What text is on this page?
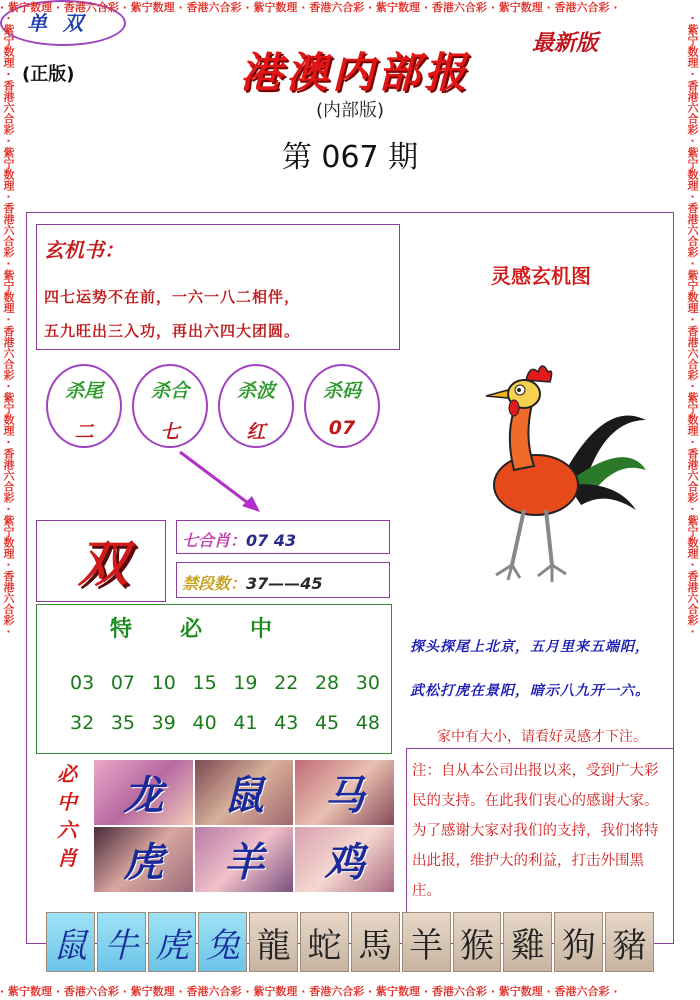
· 紫宁数理 · 香港六合彩 · 紫宁数理 · 香港六合彩 · 紫宁数理 · 香港六合彩 · 紫宁数理 · 香港六合彩 · 紫宁数理 · 香港六合彩 ·
· 紫宁数理 · 香港六合彩 · 紫宁数理 · 香港六合彩 · 紫宁数理 · 香港六合彩 · 紫宁数理 · 香港六合彩 · 紫宁数理 · 香港六合彩 ·
· 紫宁数理 · 香港六合彩 · 紫宁数理 · 香港六合彩 · 紫宁数理 · 香港六合彩 · 紫宁数理 · 香港六合彩 · 紫宁数理 · 香港六合彩 ·	· 紫宁数理 · 香港六合彩 · 紫宁数理 · 香港六合彩 · 紫宁数理 · 香港六合彩 · 紫宁数理 · 香港六合彩 · 紫宁数理 · 香港六合彩 ·
(正版)
最新版
港澳内部报
(内部版)
第 067 期
玄机书：
四七运势不在前，一六一八二相伴，
五九旺出三入功，再出六四大团圆。
杀尾
二
杀合
七
杀波
红
杀码
07
单双
双	七合肖：07 43
禁段数：37——45
特必中
03 07 10 15 19 22 28 30
32 35 39 40 41 43 45 48
必中六肖
龙	鼠	马
虎	羊	鸡
灵感玄机图
探头探尾上北京，五月里来五端阳，
武松打虎在景阳，暗示八九开一六。
家中有大小，请看好灵感才下注。
注：自从本公司出报以来，受到广大彩民的支持。在此我们衷心的感谢大家。为了感谢大家对我们的支持，我们将特出此报，维护大的利益，打击外围黑庄。
鼠 牛 虎 兔 龍 蛇 馬 羊 猴 雞 狗 豬
